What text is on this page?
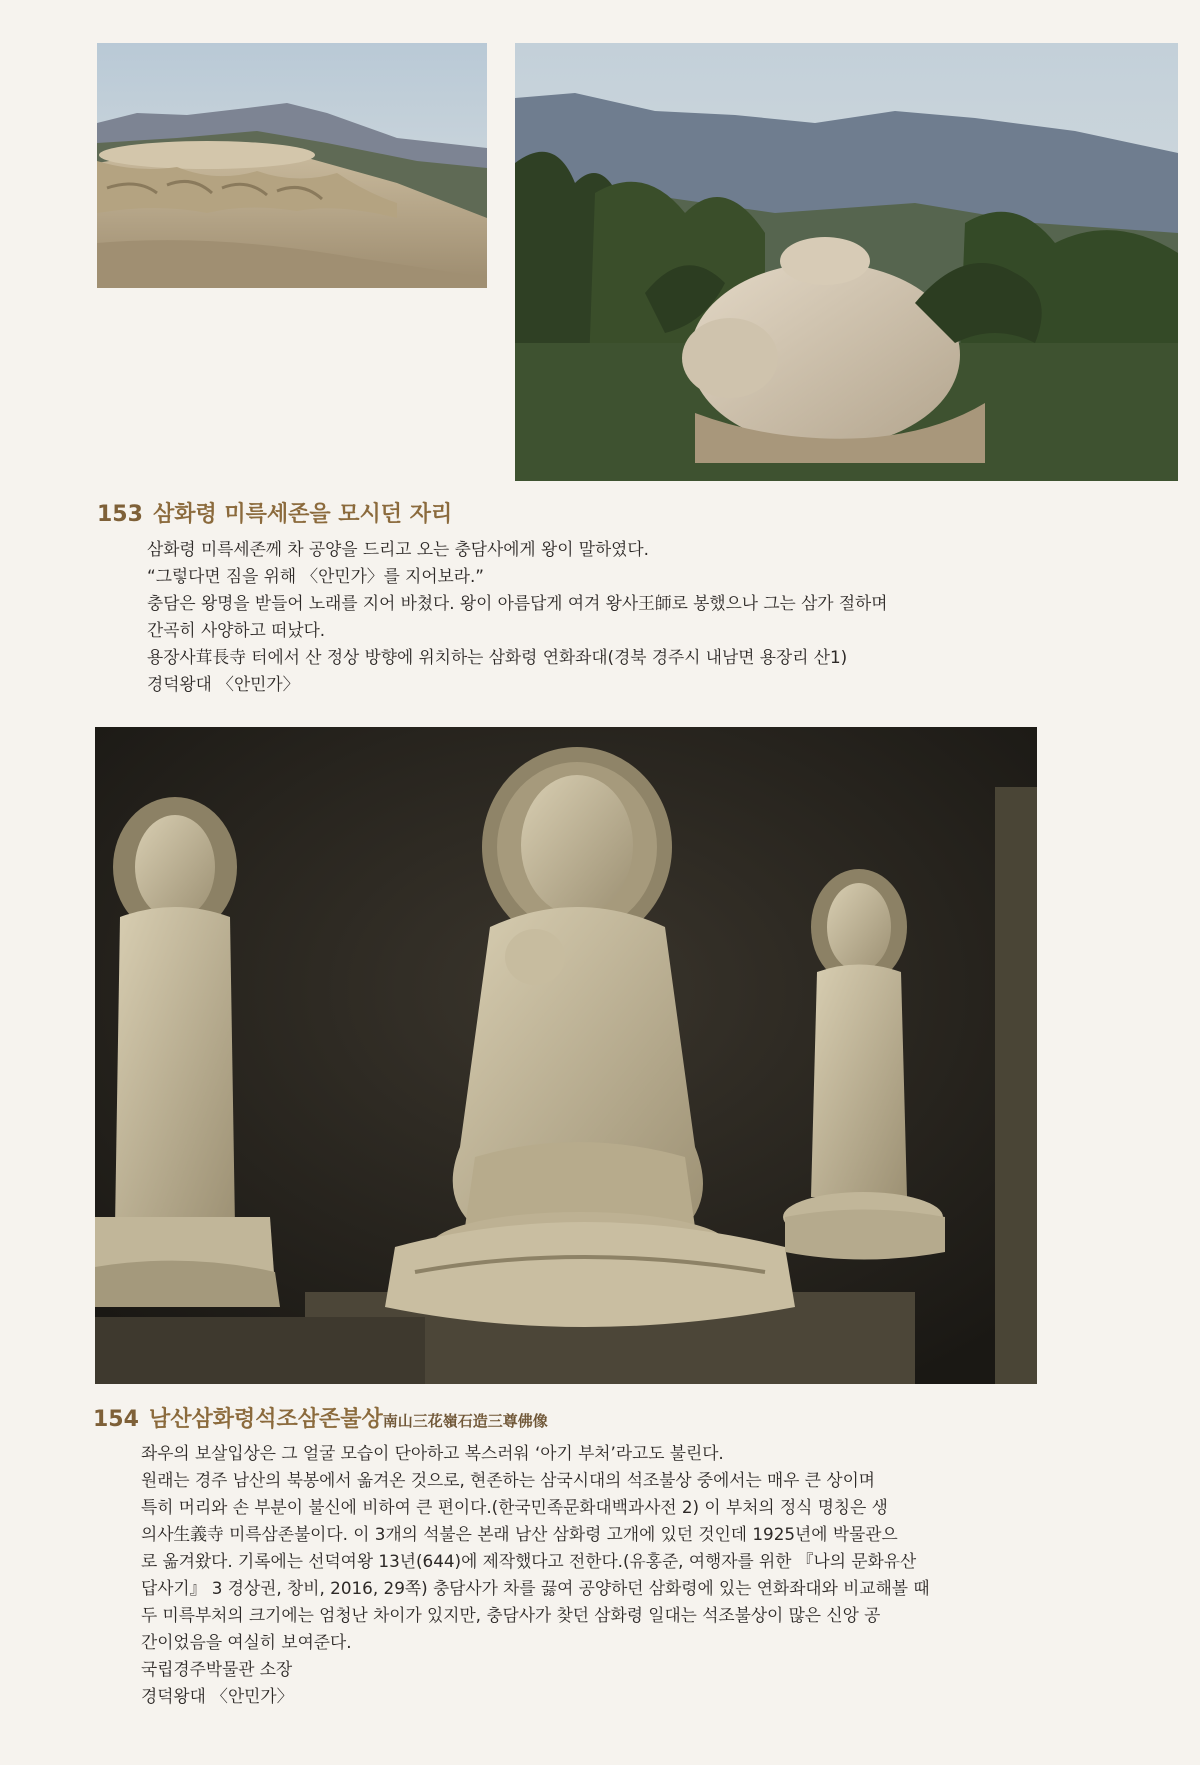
153 삼화령 미륵세존을 모시던 자리
삼화령 미륵세존께 차 공양을 드리고 오는 충담사에게 왕이 말하였다.
“그렇다면 짐을 위해 〈안민가〉를 지어보라.”
충담은 왕명을 받들어 노래를 지어 바쳤다. 왕이 아름답게 여겨 왕사王師로 봉했으나 그는 삼가 절하며
간곡히 사양하고 떠났다.
용장사茸長寺 터에서 산 정상 방향에 위치하는 삼화령 연화좌대(경북 경주시 내남면 용장리 산1)
경덕왕대 〈안민가〉
154 남산삼화령석조삼존불상南山三花嶺石造三尊佛像
좌우의 보살입상은 그 얼굴 모습이 단아하고 복스러워 ‘아기 부처’라고도 불린다.
원래는 경주 남산의 북봉에서 옮겨온 것으로, 현존하는 삼국시대의 석조불상 중에서는 매우 큰 상이며
특히 머리와 손 부분이 불신에 비하여 큰 편이다.(한국민족문화대백과사전 2) 이 부처의 정식 명칭은 생
의사生義寺 미륵삼존불이다. 이 3개의 석불은 본래 남산 삼화령 고개에 있던 것인데 1925년에 박물관으
로 옮겨왔다. 기록에는 선덕여왕 13년(644)에 제작했다고 전한다.(유홍준, 여행자를 위한 『나의 문화유산
답사기』 3 경상권, 창비, 2016, 29쪽) 충담사가 차를 끓여 공양하던 삼화령에 있는 연화좌대와 비교해볼 때
두 미륵부처의 크기에는 엄청난 차이가 있지만, 충담사가 찾던 삼화령 일대는 석조불상이 많은 신앙 공
간이었음을 여실히 보여준다.
국립경주박물관 소장
경덕왕대 〈안민가〉
